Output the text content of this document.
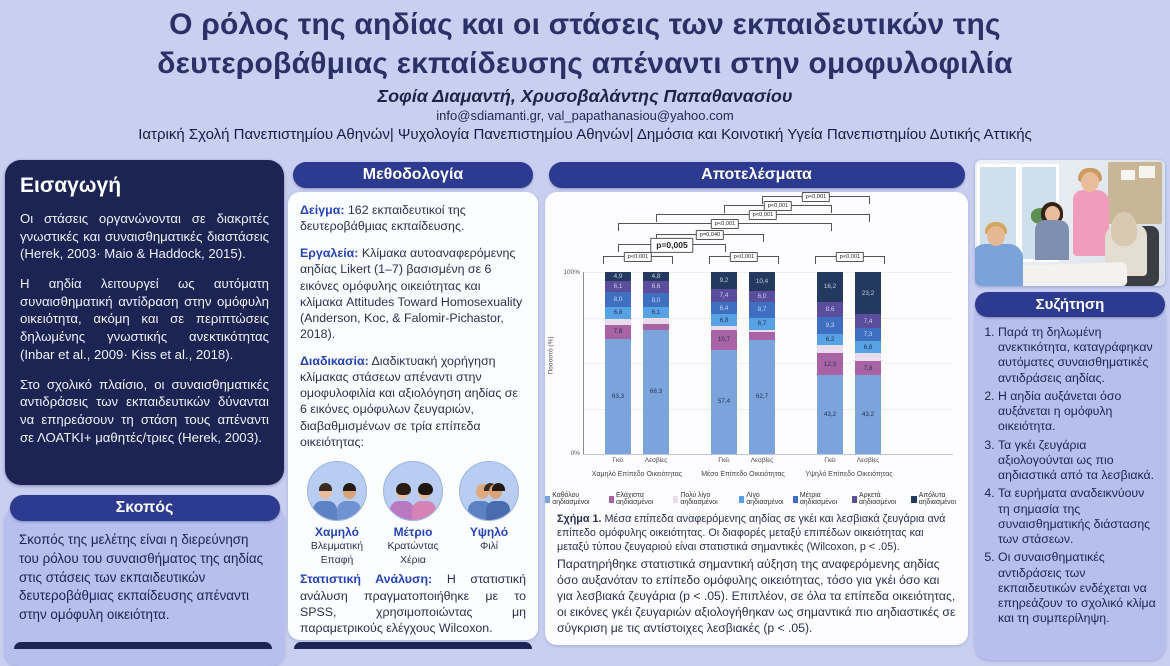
Ο ρόλος της αηδίας και οι στάσεις των εκπαιδευτικών της
δευτεροβάθμιας εκπαίδευσης απέναντι στην ομοφυλοφιλία
Σοφία Διαμαντή, Χρυσοβαλάντης Παπαθανασίου
info@sdiamanti.gr, val_papathanasiou@yahoo.com
Ιατρική Σχολή Πανεπιστημίου Αθηνών| Ψυχολογία Πανεπιστημίου Αθηνών| Δημόσια και Κοινοτική Υγεία Πανεπιστημίου Δυτικής Αττικής
Εισαγωγή

Οι στάσεις οργανώνονται σε διακριτές γνωστικές και συναισθηματικές διαστάσεις (Herek, 2003· Maio & Haddock, 2015).

Η αηδία λειτουργεί ως αυτόματη συναισθηματική αντίδραση στην ομόφυλη οικειότητα, ακόμη και σε περιπτώσεις δηλωμένης γνωστικής ανεκτικότητας (Inbar et al., 2009· Kiss et al., 2018).

Στο σχολικό πλαίσιο, οι συναισθηματικές αντιδράσεις των εκπαιδευτικών δύνανται να επηρεάσουν τη στάση τους απέναντι σε ΛΟΑΤΚΙ+ μαθητές/τριες (Herek, 2003).

Σκοπός
Σκοπός της μελέτης είναι η διερεύνηση του ρόλου του συναισθήματος της αηδίας στις στάσεις των εκπαιδευτικών δευτεροβάθμιας εκπαίδευσης απέναντι στην ομόφυλη οικειότητα.
Μεθοδολογία

Δείγμα: 162 εκπαιδευτικοί της δευτεροβάθμιας εκπαίδευσης.

Εργαλεία: Κλίμακα αυτοαναφερόμενης αηδίας Likert (1–7) βασισμένη σε 6 εικόνες ομόφυλης οικειότητας και κλίμακα Attitudes Toward Homosexuality (Anderson, Koc, & Falomir-Pichastor, 2018).

Διαδικασία: Διαδικτυακή χορήγηση κλίμακας στάσεων απέναντι στην ομοφυλοφιλία και αξιολόγηση αηδίας σε 6 εικόνες ομόφυλων ζευγαριών, διαβαθμισμένων σε τρία επίπεδα οικειότητας:

Χαμηλό
Βλεμματική Επαφή
Μέτριο
Κρατώντας Χέρια
Υψηλό
Φιλί

Στατιστική Ανάλυση: Η στατιστική ανάλυση πραγματοποιήθηκε με το SPSS, χρησιμοποιώντας μη παραμετρικούς ελέγχους Wilcoxon.

Αποτελέσματα
100%
0%
Ποσοστό (%)
63,3
7,8
6,8
8,0
6,1
4,9
Γκέι
68,3
6,1
8,0
6,6
4,8
Λεσβίες
57,4
10,7
6,8
6,4
7,4
9,2
Γκέι
62,7
6,7
8,7
6,0
10,4
Λεσβίες
43,2
12,3
6,2
9,3
8,6
16,2
Γκέι
43,2
7,8
6,8
7,3
7,4
23,2
Λεσβίες
Χαμηλό Επίπεδο Οικειότητας	Μέσο Επίπεδο Οικειότητας	Υψηλό Επίπεδο Οικειότητας
p<0,001
p<0,001
p<0,001
p<0,001
p=0,040
p=0,005
p<0,001	p<0,001	p<0,001
Καθόλου αηδιασμένοι
Ελάχιστα αηδιασμένοι
Πολύ λίγο αηδιασμένοι
Λίγο αηδιασμένοι
Μέτρια αηδιασμένοι
Αρκετά αηδιασμένοι
Απόλυτα αηδιασμένοι
Σχήμα 1. Μέσα επίπεδα αναφερόμενης αηδίας σε γκέι και λεσβιακά ζευγάρια ανά επίπεδο ομόφυλης οικειότητας. Οι διαφορές μεταξύ επιπέδων οικειότητας και μεταξύ τύπου ζευγαριού είναι στατιστικά σημαντικές (Wilcoxon, p < .05).
Παρατηρήθηκε στατιστικά σημαντική αύξηση της αναφερόμενης αηδίας όσο αυξανόταν το επίπεδο ομόφυλης οικειότητας, τόσο για γκέι όσο και για λεσβιακά ζευγάρια (p < .05). Επιπλέον, σε όλα τα επίπεδα οικειότητας, οι εικόνες γκέι ζευγαριών αξιολογήθηκαν ως σημαντικά πιο αηδιαστικές σε σύγκριση με τις αντίστοιχες λεσβιακές (p < .05).
Συζήτηση
1. Παρά τη δηλωμένη ανεκτικότητα, καταγράφηκαν αυτόματες συναισθηματικές αντιδράσεις αηδίας.
2. Η αηδία αυξάνεται όσο αυξάνεται η ομόφυλη οικειότητα.
3. Τα γκέι ζευγάρια αξιολογούνται ως πιο αηδιαστικά από τα λεσβιακά.
4. Τα ευρήματα αναδεικνύουν τη σημασία της συναισθηματικής διάστασης των στάσεων.
5. Οι συναισθηματικές αντιδράσεις των εκπαιδευτικών ενδέχεται να επηρεάζουν το σχολικό κλίμα και τη συμπερίληψη.
